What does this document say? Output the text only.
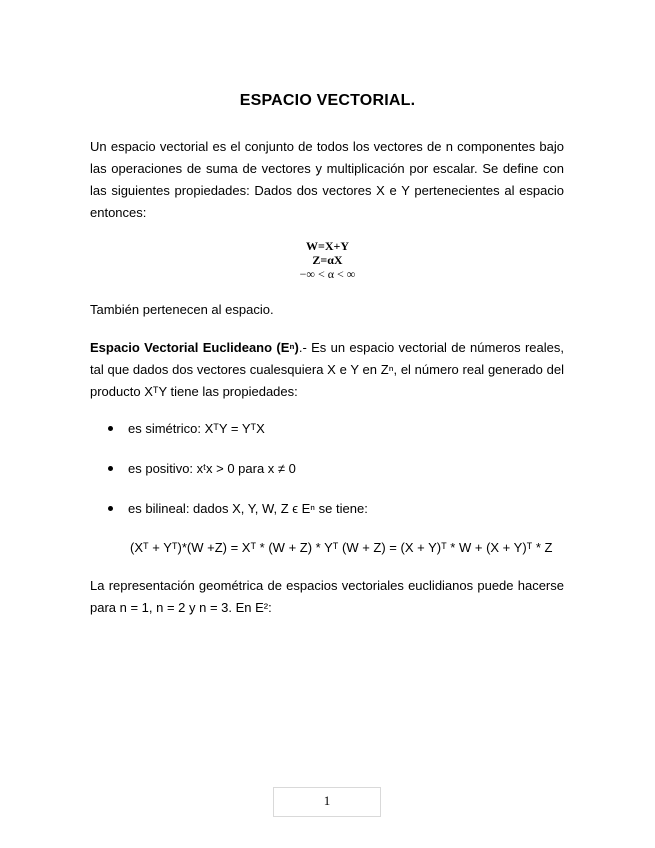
ESPACIO VECTORIAL.
Un espacio vectorial es el conjunto de todos los vectores de n componentes bajo las operaciones de suma de vectores y multiplicación por escalar. Se define con las siguientes propiedades: Dados dos vectores X e Y pertenecientes al espacio entonces:
W=X+Y
Z=αX
−∞ < α < ∞
También pertenecen al espacio.
Espacio Vectorial Euclideano (Eⁿ).- Es un espacio vectorial de números reales, tal que dados dos vectores cualesquiera X e Y en Zⁿ, el número real generado del producto XᵀY tiene las propiedades:
es simétrico: XᵀY = YᵀX
es positivo: xᵗx > 0 para x ≠ 0
es bilineal: dados X, Y, W, Z ϵ Eⁿ se tiene:
(Xᵀ + Yᵀ)*(W +Z) = Xᵀ * (W + Z) * Yᵀ (W + Z) = (X + Y)ᵀ * W + (X + Y)ᵀ * Z
La representación geométrica de espacios vectoriales euclidianos puede hacerse para n = 1, n = 2 y n = 3. En E²:
1
